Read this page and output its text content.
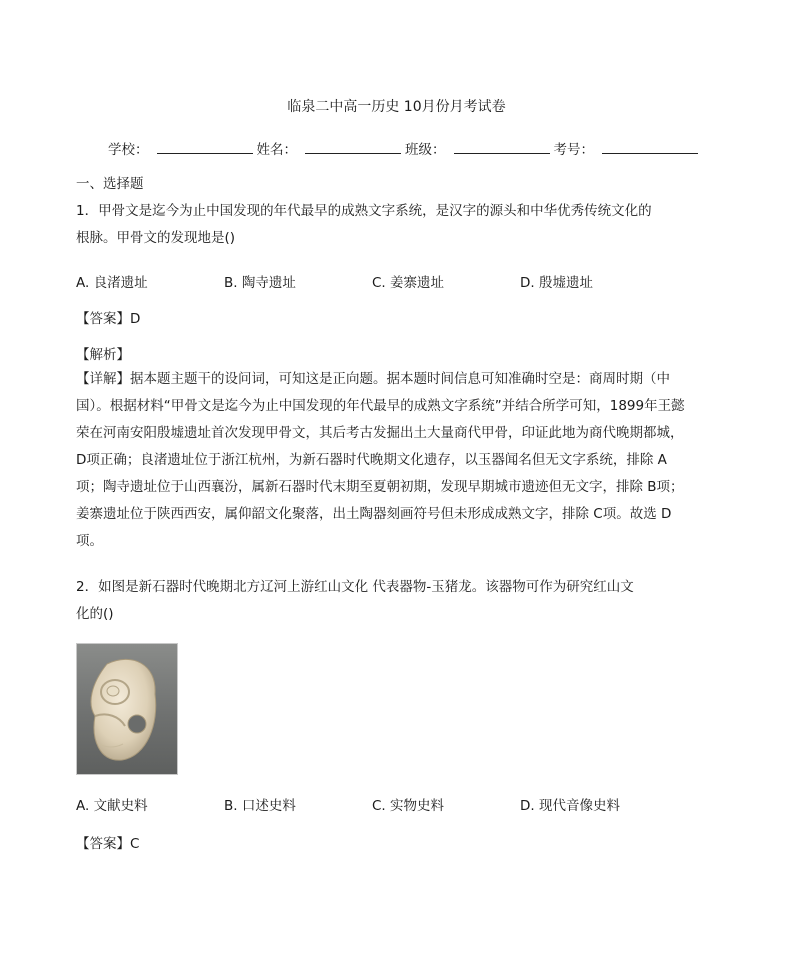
临泉二中高一历史 10月份月考试卷
学校：	姓名：	班级：	考号：
一、选择题
1．甲骨文是迄今为止中国发现的年代最早的成熟文字系统，是汉字的源头和中华优秀传统文化的
根脉。甲骨文的发现地是()
A. 良渚遗址	B. 陶寺遗址	C. 姜寨遗址	D. 殷墟遗址
【答案】D
【解析】
【详解】据本题主题干的设问词，可知这是正向题。据本题时间信息可知准确时空是：商周时期（中国）。根据材料“甲骨文是迄今为止中国发现的年代最早的成熟文字系统”并结合所学可知，1899年王懿荣在河南安阳殷墟遗址首次发现甲骨文，其后考古发掘出土大量商代甲骨，印证此地为商代晚期都城，D项正确；良渚遗址位于浙江杭州，为新石器时代晚期文化遗存，以玉器闻名但无文字系统，排除 A项；陶寺遗址位于山西襄汾，属新石器时代末期至夏朝初期，发现早期城市遗迹但无文字，排除 B项；姜寨遗址位于陕西西安，属仰韶文化聚落，出土陶器刻画符号但未形成成熟文字，排除 C项。故选 D项。
2．如图是新石器时代晚期北方辽河上游红山文化 代表器物-玉猪龙。该器物可作为研究红山文
化的()
A. 文献史料	B. 口述史料	C. 实物史料	D. 现代音像史料
【答案】C
